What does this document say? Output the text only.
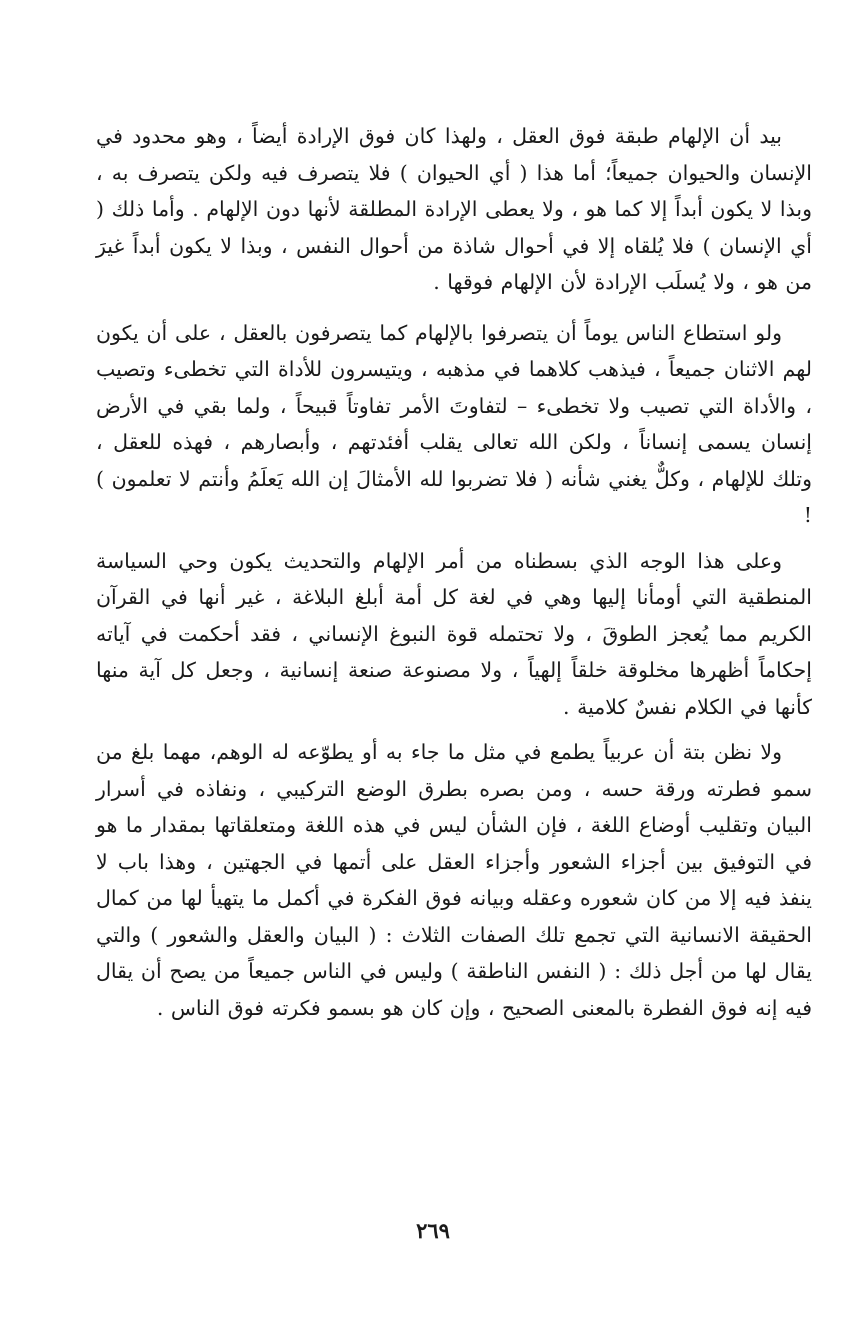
بيد أن الإلهام طبقة فوق العقل ، ولهذا كان فوق الإرادة أيضاً ، وهو محدود في الإنسان والحيوان جميعاً؛ أما هذا ( أي الحيوان ) فلا يتصرف فيه ولكن يتصرف به ، وبذا لا يكون أبداً إلا كما هو ، ولا يعطى الإرادة المطلقة لأنها دون الإلهام . وأما ذلك ( أي الإنسان ) فلا يُلقاه إلا في أحوال شاذة من أحوال النفس ، وبذا لا يكون أبداً غيرَ من هو ، ولا يُسلَب الإرادة لأن الإلهام فوقها .

ولو استطاع الناس يوماً أن يتصرفوا بالإلهام كما يتصرفون بالعقل ، على أن يكون لهم الاثنان جميعاً ، فيذهب كلاهما في مذهبه ، ويتيسرون للأداة التي تخطىء وتصيب ، والأداة التي تصيب ولا تخطىء – لتفاوتَ الأمر تفاوتاً قبيحاً ، ولما بقي في الأرض إنسان يسمى إنساناً ، ولكن الله تعالى يقلب أفئدتهم ، وأبصارهم ، فهذه للعقل ، وتلك للإلهام ، وكلٌّ يغني شأنه ( فلا تضربوا لله الأمثالَ إن الله يَعلَمُ وأنتم لا تعلمون ) !

وعلى هذا الوجه الذي بسطناه من أمر الإلهام والتحديث يكون وحي السياسة المنطقية التي أومأنا إليها وهي في لغة كل أمة أبلغ البلاغة ، غير أنها في القرآن الكريم مما يُعجز الطوقَ ، ولا تحتمله قوة النبوغ الإنساني ، فقد أحكمت في آياته إحكاماً أظهرها مخلوقة خلقاً إلهياً ، ولا مصنوعة صنعة إنسانية ، وجعل كل آية منها كأنها في الكلام نفسٌ كلامية .

ولا نظن بتة أن عربياً يطمع في مثل ما جاء به أو يطوّعه له الوهم، مهما بلغ من سمو فطرته ورقة حسه ، ومن بصره بطرق الوضع التركيبي ، ونفاذه في أسرار البيان وتقليب أوضاع اللغة ، فإن الشأن ليس في هذه اللغة ومتعلقاتها بمقدار ما هو في التوفيق بين أجزاء الشعور وأجزاء العقل على أتمها في الجهتين ، وهذا باب لا ينفذ فيه إلا من كان شعوره وعقله وبيانه فوق الفكرة في أكمل ما يتهيأ لها من كمال الحقيقة الانسانية التي تجمع تلك الصفات الثلاث : ( البيان والعقل والشعور ) والتي يقال لها من أجل ذلك : ( النفس الناطقة ) وليس في الناس جميعاً من يصح أن يقال فيه إنه فوق الفطرة بالمعنى الصحيح ، وإن كان هو بسمو فكرته فوق الناس .

٢٦٩
